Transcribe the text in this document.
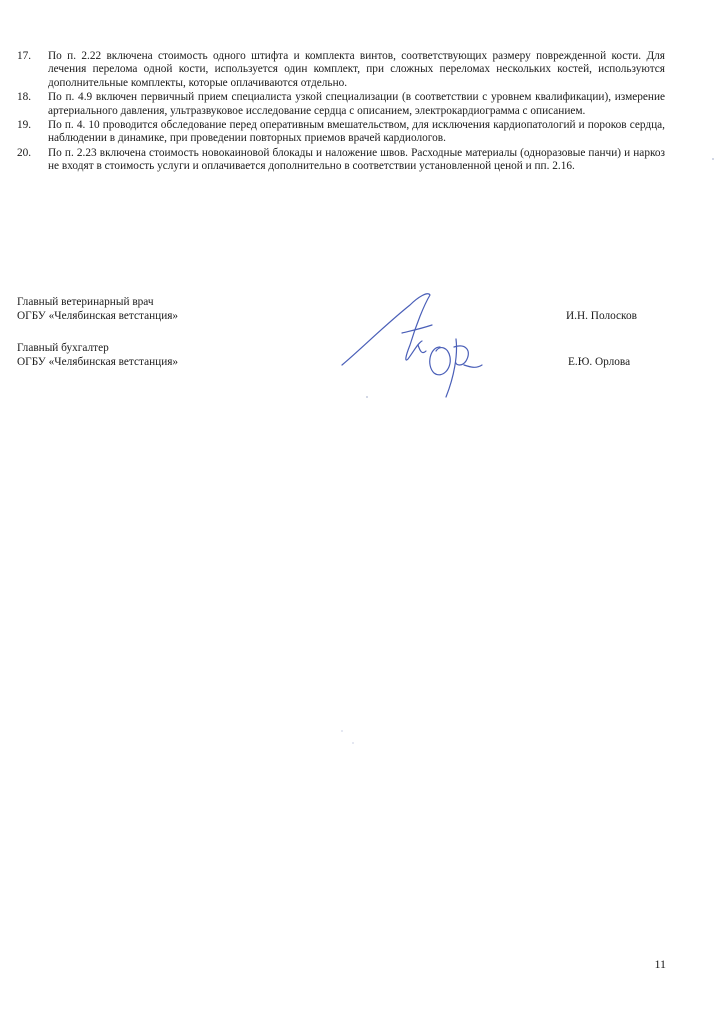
17.	По п. 2.22 включена стоимость одного штифта и комплекта винтов, соответствующих размеру поврежденной кости. Для лечения перелома одной кости, используется один комплект, при сложных переломах нескольких костей, используются дополнительные комплекты, которые оплачиваются отдельно.
18.	По п. 4.9 включен первичный прием специалиста узкой специализации (в соответствии с уровнем квалификации), измерение артериального давления, ультразвуковое исследование сердца с описанием, электрокардиограмма с описанием.
19.	По п. 4. 10 проводится обследование перед оперативным вмешательством, для исключения кардиопатологий и пороков сердца, наблюдении в динамике, при проведении повторных приемов врачей кардиологов.
20.	По п. 2.23 включена стоимость новокаиновой блокады и наложение швов. Расходные материалы (одноразовые панчи) и наркоз не входят в стоимость услуги и оплачивается дополнительно в соответствии установленной ценой и пп. 2.16.
Главный ветеринарный врач
ОГБУ «Челябинская ветстанция»	И.Н. Полосков
Главный бухгалтер
ОГБУ «Челябинская ветстанция»	Е.Ю. Орлова
11
